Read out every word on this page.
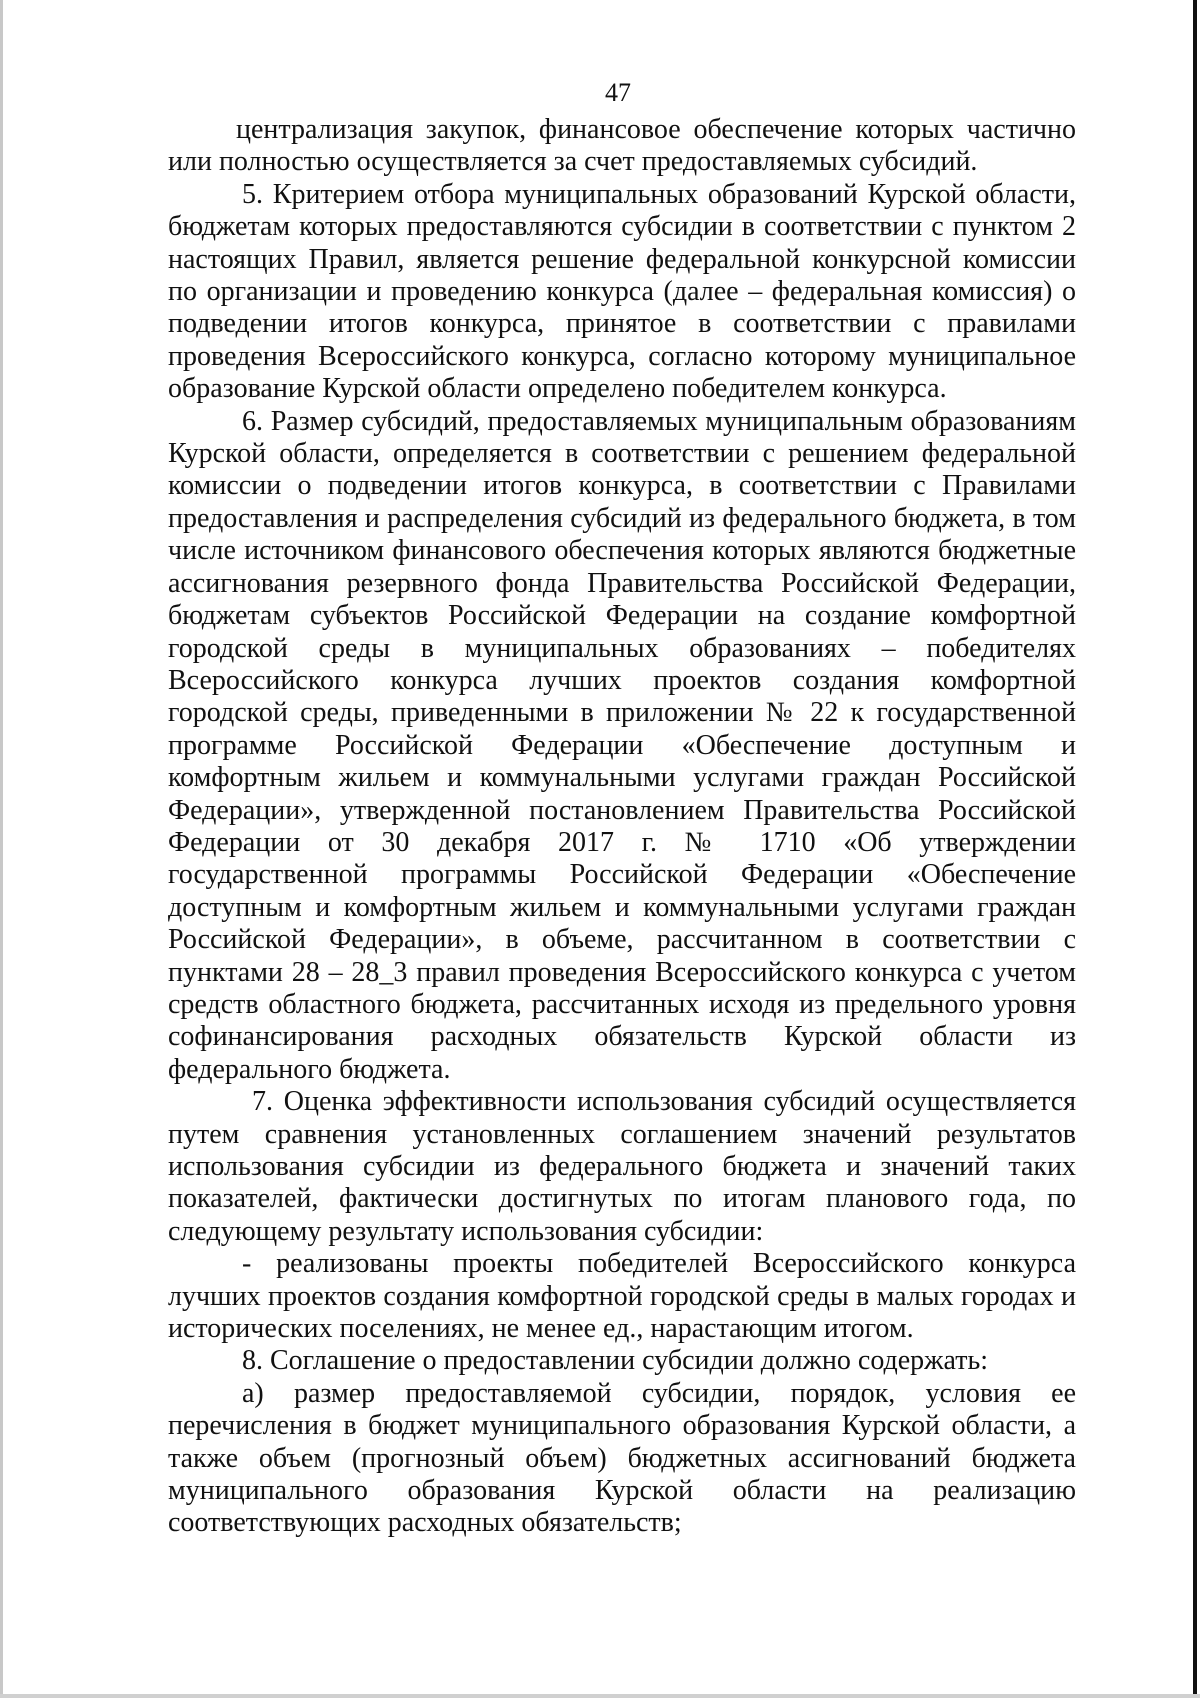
47

централизация закупок, финансовое обеспечение которых частично или полностью осуществляется за счет предоставляемых субсидий.

5. Критерием отбора муниципальных образований Курской области, бюджетам которых предоставляются субсидии в соответствии с пунктом 2 настоящих Правил, является решение федеральной конкурсной комиссии по организации и проведению конкурса (далее – федеральная комиссия) о подведении итогов конкурса, принятое в соответствии с правилами проведения Всероссийского конкурса, согласно которому муниципальное образование Курской области определено победителем конкурса.

6. Размер субсидий, предоставляемых муниципальным образованиям Курской области, определяется в соответствии с решением федеральной комиссии о подведении итогов конкурса, в соответствии с Правилами предоставления и распределения субсидий из федерального бюджета, в том числе источником финансового обеспечения которых являются бюджетные ассигнования резервного фонда Правительства Российской Федерации, бюджетам субъектов Российской Федерации на создание комфортной городской среды в муниципальных образованиях – победителях Всероссийского конкурса лучших проектов создания комфортной городской среды, приведенными в приложении № 22 к государственной программе Российской Федерации «Обеспечение доступным и комфортным жильем и коммунальными услугами граждан Российской Федерации», утвержденной постановлением Правительства Российской Федерации от 30 декабря 2017 г. № 1710 «Об утверждении государственной программы Российской Федерации «Обеспечение доступным и комфортным жильем и коммунальными услугами граждан Российской Федерации», в объеме, рассчитанном в соответствии с пунктами 28 – 28_3 правил проведения Всероссийского конкурса с учетом средств областного бюджета, рассчитанных исходя из предельного уровня софинансирования расходных обязательств Курской области из федерального бюджета.

7. Оценка эффективности использования субсидий осуществляется путем сравнения установленных соглашением значений результатов использования субсидии из федерального бюджета и значений таких показателей, фактически достигнутых по итогам планового года, по следующему результату использования субсидии:

- реализованы проекты победителей Всероссийского конкурса лучших проектов создания комфортной городской среды в малых городах и исторических поселениях, не менее ед., нарастающим итогом.

8. Соглашение о предоставлении субсидии должно содержать:

а) размер предоставляемой субсидии, порядок, условия ее перечисления в бюджет муниципального образования Курской области, а также объем (прогнозный объем) бюджетных ассигнований бюджета муниципального образования Курской области на реализацию соответствующих расходных обязательств;
